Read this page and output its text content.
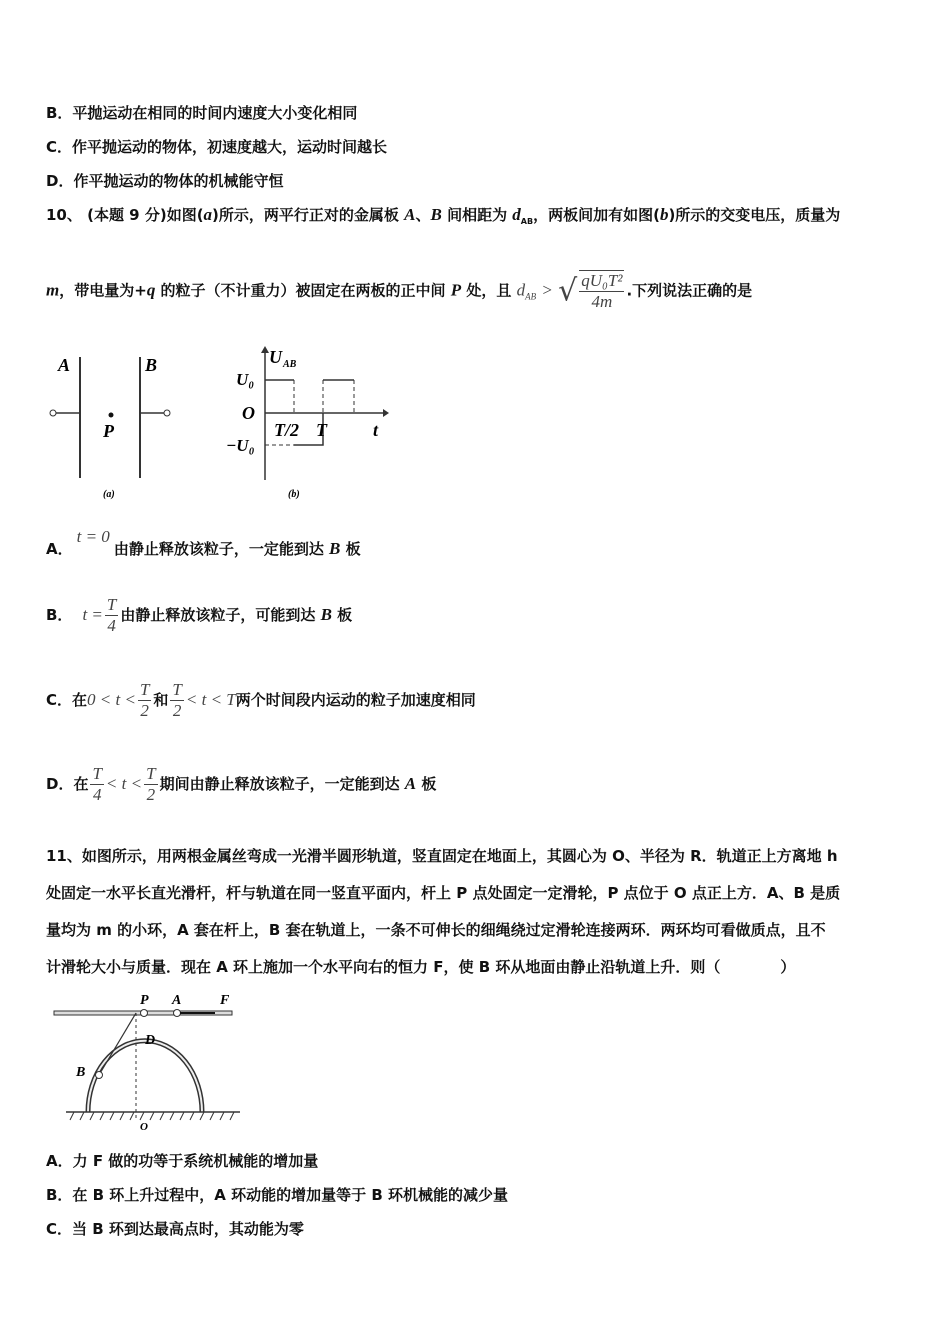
B．平抛运动在相同的时间内速度大小变化相同
C．作平抛运动的物体，初速度越大，运动时间越长
D．作平抛运动的物体的机械能守恒
10、 (本题 9 分)如图(a)所示，两平行正对的金属板 A、B 间相距为 $d_{AB}$，两板间加有如图(b)所示的交变电压，质量为
m，带电量为+q 的粒子（不计重力）被固定在两板的正中间 P 处，且 $d_{AB}$ > √ $\frac{\text{qU₀T²}}{4m}$ .下列说法正确的是
A	B
P
(a)
U AB
U₀
O
−U₀
T/2 T	t
(b)
A．t = 0由静止释放该粒子，一定能到达 B 板
B． $t = \frac{T}{4}$ 由静止释放该粒子，可能到达 B 板
C．在$0 < t < \frac{T}{2}$ 和 $\frac{T}{2} < t < T$两个时间段内运动的粒子加速度相同
D．在 $\frac{T}{4} < t < \frac{T}{2}$ 期间由静止释放该粒子，一定能到达 A 板
11、如图所示，用两根金属丝弯成一光滑半圆形轨道，竖直固定在地面上，其圆心为 O、半径为 R．轨道正上方离地 h
处固定一水平长直光滑杆，杆与轨道在同一竖直平面内，杆上 P 点处固定一定滑轮，P 点位于 O 点正上方．A、B 是质
量均为 m 的小环，A 套在杆上，B 套在轨道上，一条不可伸长的细绳绕过定滑轮连接两环．两环均可看做质点，且不
计滑轮大小与质量．现在 A 环上施加一个水平向右的恒力 F，使 B 环从地面由静止沿轨道上升．则（　　　　）
P A	F
D
B
O
A．力 F 做的功等于系统机械能的增加量
B．在 B 环上升过程中，A 环动能的增加量等于 B 环机械能的减少量
C．当 B 环到达最高点时，其动能为零
